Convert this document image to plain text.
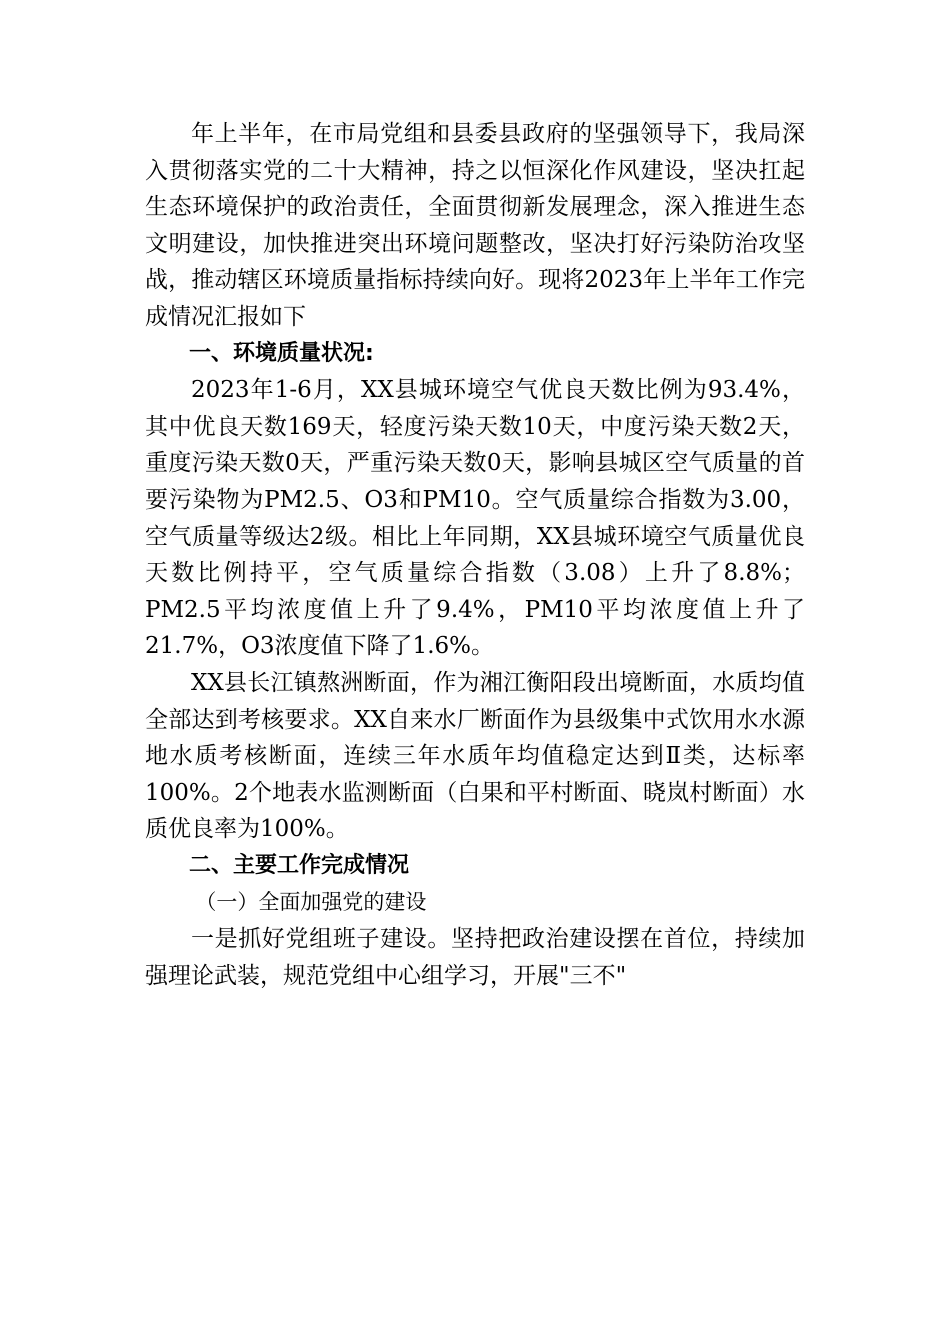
年上半年，在市局党组和县委县政府的坚强领导下，我局深入贯彻落实党的二十大精神，持之以恒深化作风建设，坚决扛起生态环境保护的政治责任，全面贯彻新发展理念，深入推进生态文明建设，加快推进突出环境问题整改，坚决打好污染防治攻坚战，推动辖区环境质量指标持续向好。现将2023年上半年工作完成情况汇报如下

一、环境质量状况:

2023年1-6月，XX县城环境空气优良天数比例为93.4%，其中优良天数169天，轻度污染天数10天，中度污染天数2天，重度污染天数0天，严重污染天数0天，影响县城区空气质量的首要污染物为PM2.5、O3和PM10。空气质量综合指数为3.00，空气质量等级达2级。相比上年同期，XX县城环境空气质量优良天数比例持平，空气质量综合指数（3.08）上升了8.8%；PM2.5平均浓度值上升了9.4%，PM10平均浓度值上升了21.7%，O3浓度值下降了1.6%。

XX县长江镇熬洲断面，作为湘江衡阳段出境断面，水质均值全部达到考核要求。XX自来水厂断面作为县级集中式饮用水水源地水质考核断面，连续三年水质年均值稳定达到Ⅱ类，达标率100%。2个地表水监测断面（白果和平村断面、晓岚村断面）水质优良率为100%。

二、主要工作完成情况

（一）全面加强党的建设

一是抓好党组班子建设。坚持把政治建设摆在首位，持续加强理论武装，规范党组中心组学习，开展"三不"
